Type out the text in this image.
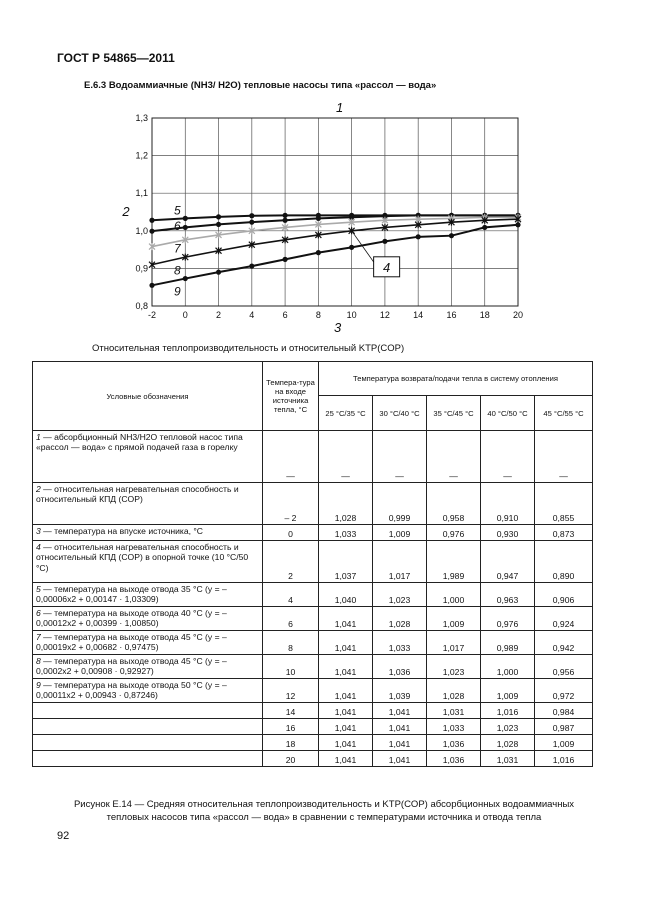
ГОСТ Р 54865—2011
E.6.3 Водоаммиачные (NH3/ H2O) тепловые насосы типа «рассол — вода»
-2	0	2	4	6	8	10	12	14	16	18	20
0,8
0,9
1,0
1,1
1,2
1,3
1
3
2	5
6
7
8
9
4
Относительная теплопроизводительность и относительный KТР(COP)
Условные обозначения	Темпера-тура на входе источника тепла, °C	Температура возврата/подачи тепла в систему отопления				
		25 °C/35 °C	30 °C/40 °C	35 °C/45 °C	40 °C/50 °C	45 °C/55 °C
1 — абсорбционный NH3/H2O тепловой насос типа «рассол — вода» с прямой подачей газа в горелку	—	—	—	—	—	—
2 — относительная нагревательная способность и относительный КПД (COP)	– 2	1,028	0,999	0,958	0,910	0,855
3 — температура на впуске источника, °C	0	1,033	1,009	0,976	0,930	0,873
4 — относительная нагревательная способность и относительный КПД (COP) в опорной точке (10 °C/50 °C)	2	1,037	1,017	1,989	0,947	0,890
5 — температура на выходе отвода 35 °C (y = – 0,00006x2 + 0,00147 · 1,03309)	4	1,040	1,023	1,000	0,963	0,906
6 — температура на выходе отвода 40 °C (y = – 0,00012x2 + 0,00399 · 1,00850)	6	1,041	1,028	1,009	0,976	0,924
7 — температура на выходе отвода 45 °C (y = – 0,00019x2 + 0,00682 · 0,97475)	8	1,041	1,033	1,017	0,989	0,942
8 — температура на выходе отвода 45 °C (y = – 0,0002x2 + 0,00908 · 0,92927)	10	1,041	1,036	1,023	1,000	0,956
9 — температура на выходе отвода 50 °C (y = – 0,00011x2 + 0,00943 · 0,87246)	12	1,041	1,039	1,028	1,009	0,972
	14	1,041	1,041	1,031	1,016	0,984
	16	1,041	1,041	1,033	1,023	0,987
	18	1,041	1,041	1,036	1,028	1,009
	20	1,041	1,041	1,036	1,031	1,016
Рисунок Е.14 — Средняя относительная теплопроизводительность и KТР(COP) абсорбционных водоаммиачных тепловых насосов типа «рассол — вода» в сравнении с температурами источника и отвода тепла
92
